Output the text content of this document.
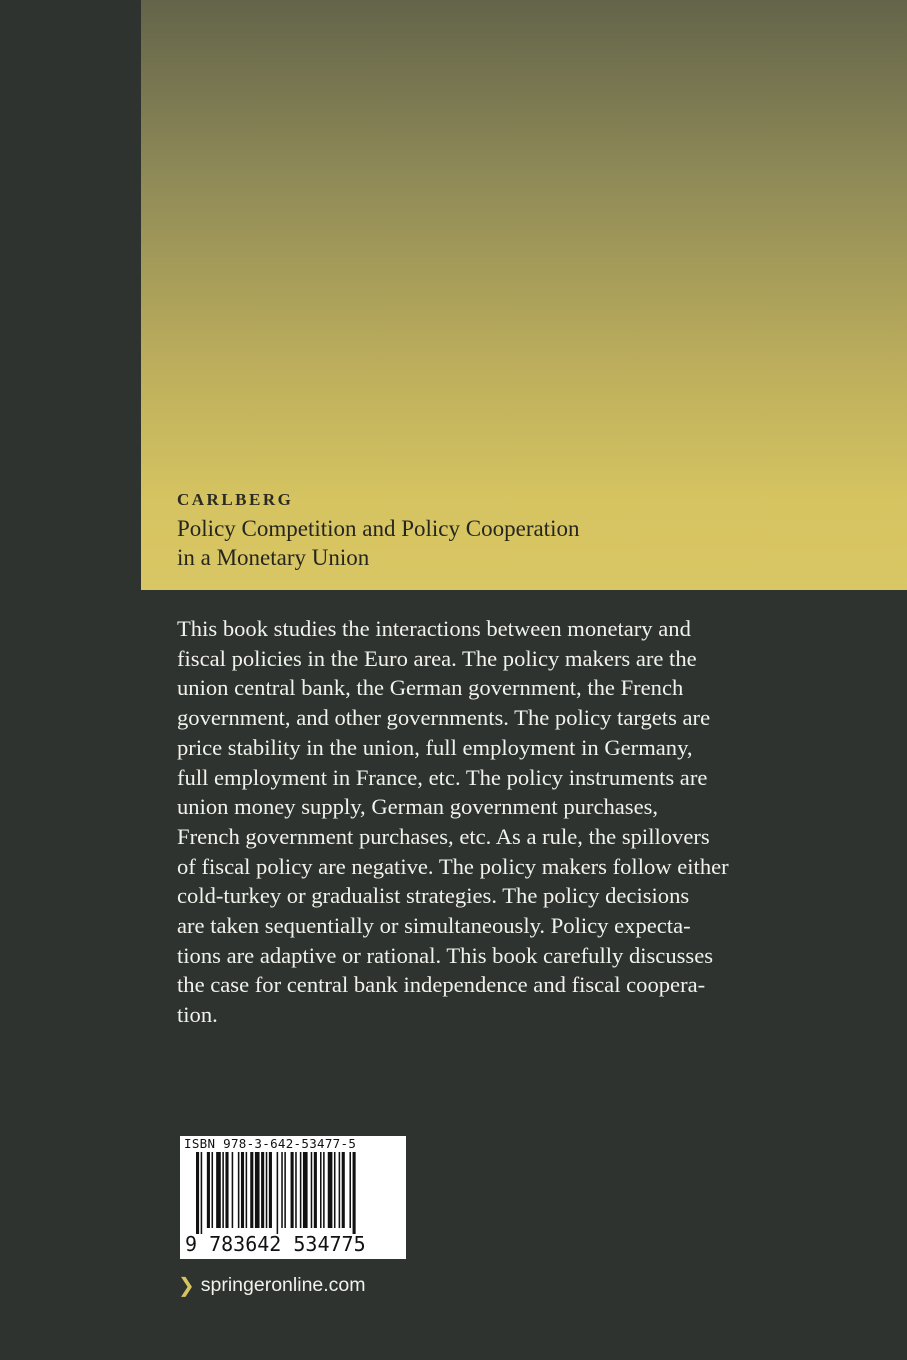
CARLBERG

Policy Competition and Policy Cooperation

in a Monetary Union

This book studies the interactions between monetary and
fiscal policies in the Euro area. The policy makers are the
union central bank, the German government, the French
government, and other governments. The policy targets are
price stability in the union, full employment in Germany,
full employment in France, etc. The policy instruments are
union money supply, German government purchases,
French government purchases, etc. As a rule, the spillovers
of fiscal policy are negative. The policy makers follow either
cold-turkey or gradualist strategies. The policy decisions
are taken sequentially or simultaneously. Policy expecta-
tions are adaptive or rational. This book carefully discusses
the case for central bank independence and fiscal coopera-
tion.
ISBN 978-3-642-53477-5
9 783642 534775
❯ springeronline.com
